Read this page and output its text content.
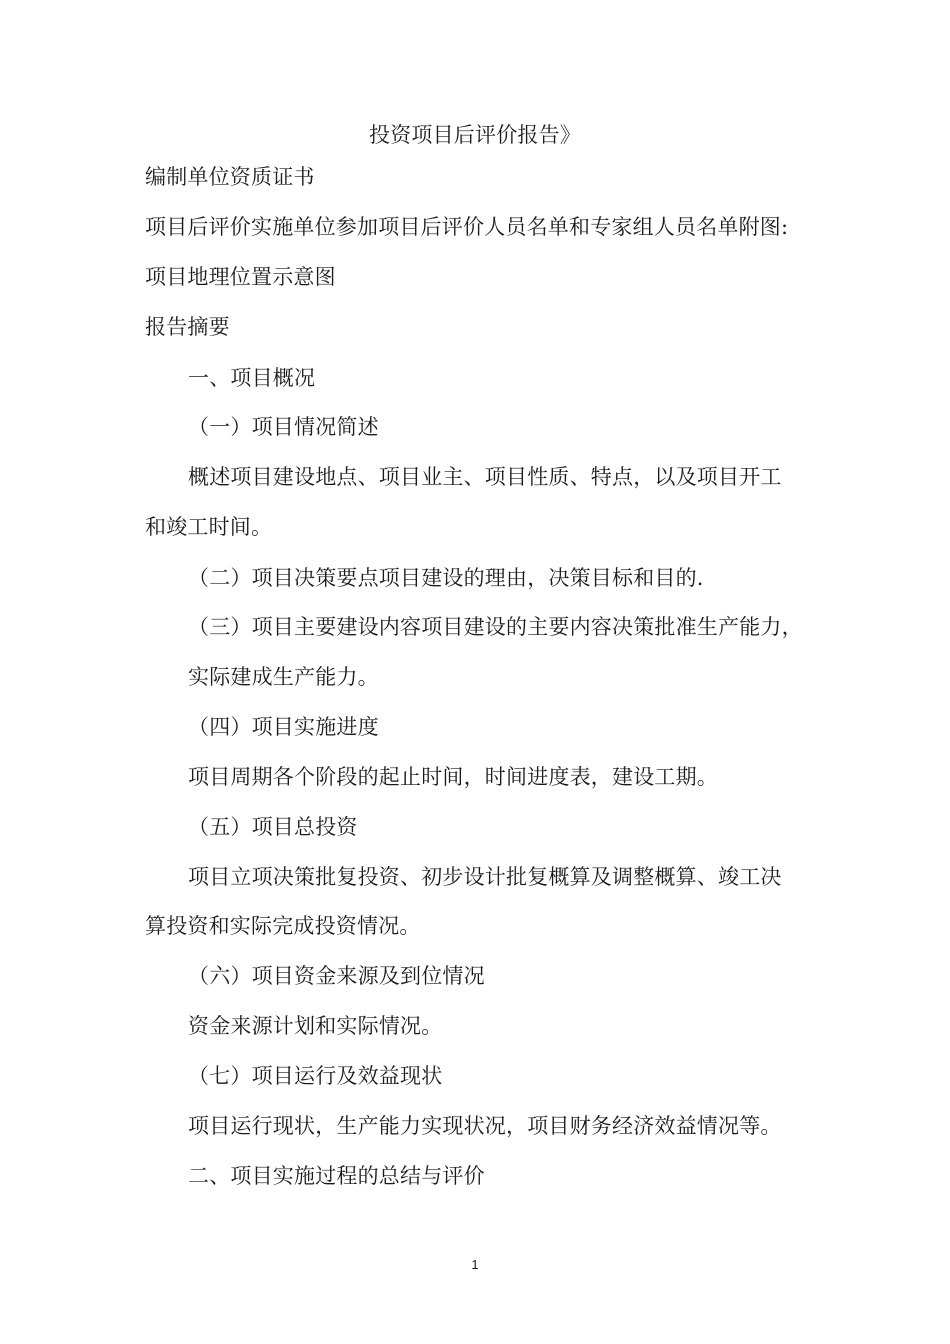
投资项目后评价报告》
编制单位资质证书
项目后评价实施单位参加项目后评价人员名单和专家组人员名单附图:
项目地理位置示意图
报告摘要
一、项目概况
（一）项目情况简述
概述项目建设地点、项目业主、项目性质、特点，以及项目开工
和竣工时间。
（二）项目决策要点项目建设的理由，决策目标和目的.
（三）项目主要建设内容项目建设的主要内容决策批准生产能力，
实际建成生产能力。
（四）项目实施进度
项目周期各个阶段的起止时间，时间进度表，建设工期。
（五）项目总投资
项目立项决策批复投资、初步设计批复概算及调整概算、竣工决
算投资和实际完成投资情况。
（六）项目资金来源及到位情况
资金来源计划和实际情况。
（七）项目运行及效益现状
项目运行现状，生产能力实现状况，项目财务经济效益情况等。
二、项目实施过程的总结与评价
1
